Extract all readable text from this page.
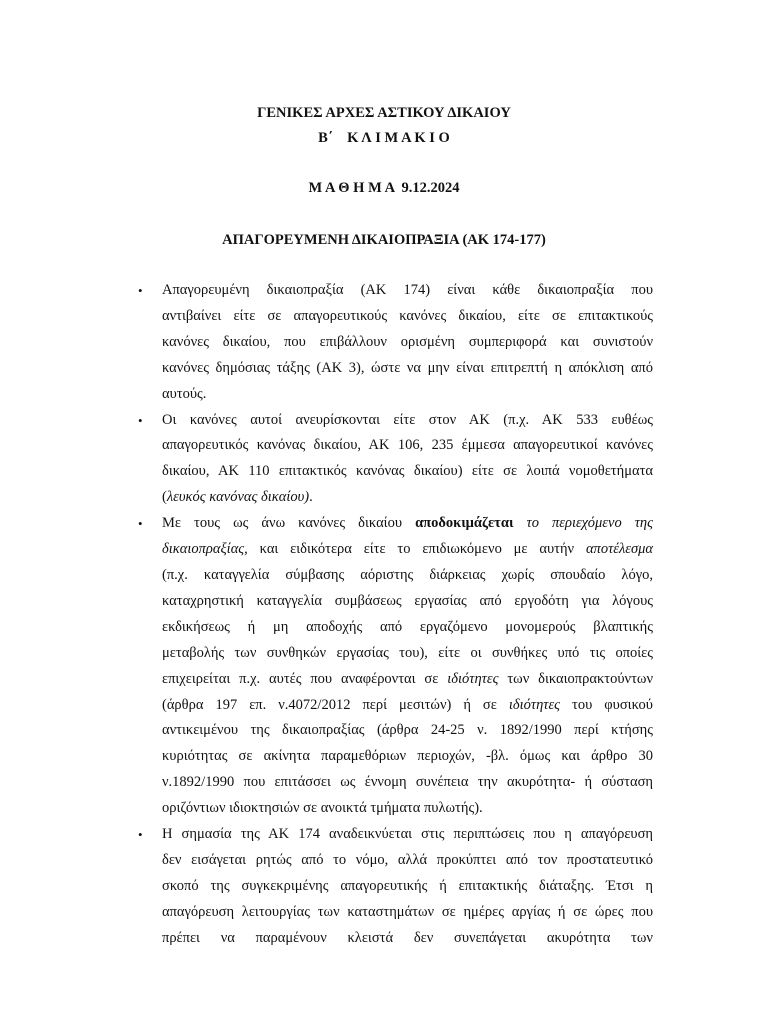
ΓΕΝΙΚΕΣ ΑΡΧΕΣ ΑΣΤΙΚΟΥ ΔΙΚΑΙΟΥ
Β΄    Κ Λ Ι Μ Α Κ Ι Ο
Μ Α Θ Η Μ Α  9.12.2024
ΑΠΑΓΟΡΕΥΜΕΝΗ ΔΙΚΑΙΟΠΡΑΞΙΑ (ΑΚ 174-177)
• Απαγορευμένη δικαιοπραξία (ΑΚ 174) είναι κάθε δικαιοπραξία που
αντιβαίνει είτε σε απαγορευτικούς κανόνες δικαίου, είτε σε επιτακτικούς
κανόνες δικαίου, που επιβάλλουν ορισμένη συμπεριφορά και συνιστούν
κανόνες δημόσιας τάξης (ΑΚ 3), ώστε να μην είναι επιτρεπτή η απόκλιση από
αυτούς.
• Οι κανόνες αυτοί ανευρίσκονται είτε στον ΑΚ (π.χ. ΑΚ 533 ευθέως
απαγορευτικός κανόνας δικαίου, ΑΚ 106, 235 έμμεσα απαγορευτικοί κανόνες
δικαίου, ΑΚ 110 επιτακτικός κανόνας δικαίου) είτε σε λοιπά νομοθετήματα
(λευκός κανόνας δικαίου).
• Με τους ως άνω κανόνες δικαίου αποδοκιμάζεται το περιεχόμενο της
δικαιοπραξίας, και ειδικότερα είτε το επιδιωκόμενο με αυτήν αποτέλεσμα
(π.χ. καταγγελία σύμβασης αόριστης διάρκειας χωρίς σπουδαίο λόγο,
καταχρηστική καταγγελία συμβάσεως εργασίας από εργοδότη για λόγους
εκδικήσεως ή μη αποδοχής από εργαζόμενο μονομερούς βλαπτικής
μεταβολής των συνθηκών εργασίας του), είτε οι συνθήκες υπό τις οποίες
επιχειρείται π.χ. αυτές που αναφέρονται σε ιδιότητες των δικαιοπρακτούντων
(άρθρα 197 επ. ν.4072/2012 περί μεσιτών) ή σε ιδιότητες του φυσικού
αντικειμένου της δικαιοπραξίας (άρθρα 24-25 ν. 1892/1990 περί κτήσης
κυριότητας σε ακίνητα παραμεθόριων περιοχών, -βλ. όμως και άρθρο 30
ν.1892/1990 που επιτάσσει ως έννομη συνέπεια την ακυρότητα- ή σύσταση
οριζόντιων ιδιοκτησιών σε ανοικτά τμήματα πυλωτής).
• Η σημασία της ΑΚ 174 αναδεικνύεται στις περιπτώσεις που η απαγόρευση
δεν εισάγεται ρητώς από το νόμο, αλλά προκύπτει από τον προστατευτικό
σκοπό της συγκεκριμένης απαγορευτικής ή επιτακτικής διάταξης. Έτσι η
απαγόρευση λειτουργίας των καταστημάτων σε ημέρες αργίας ή σε ώρες που
πρέπει να παραμένουν κλειστά δεν συνεπάγεται ακυρότητα των
